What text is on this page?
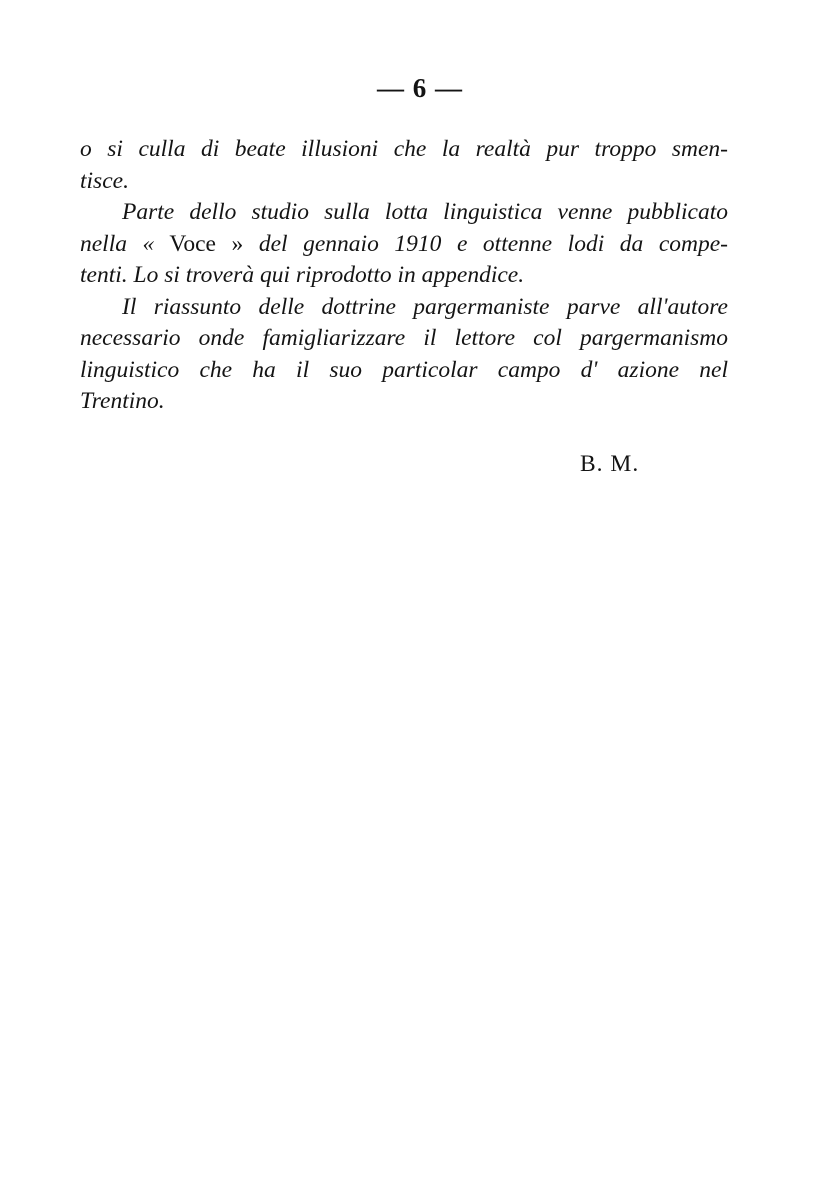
— 6 —
o si culla di beate illusioni che la realtà pur troppo smen-
tisce.
Parte dello studio sulla lotta linguistica venne pubblicato
nella « Voce » del gennaio 1910 e ottenne lodi da compe-
tenti. Lo si troverà qui riprodotto in appendice.
Il riassunto delle dottrine pargermaniste parve all'autore
necessario onde famigliarizzare il lettore col pargermanismo
linguistico che ha il suo particolar campo d' azione nel
Trentino.
B. M.
